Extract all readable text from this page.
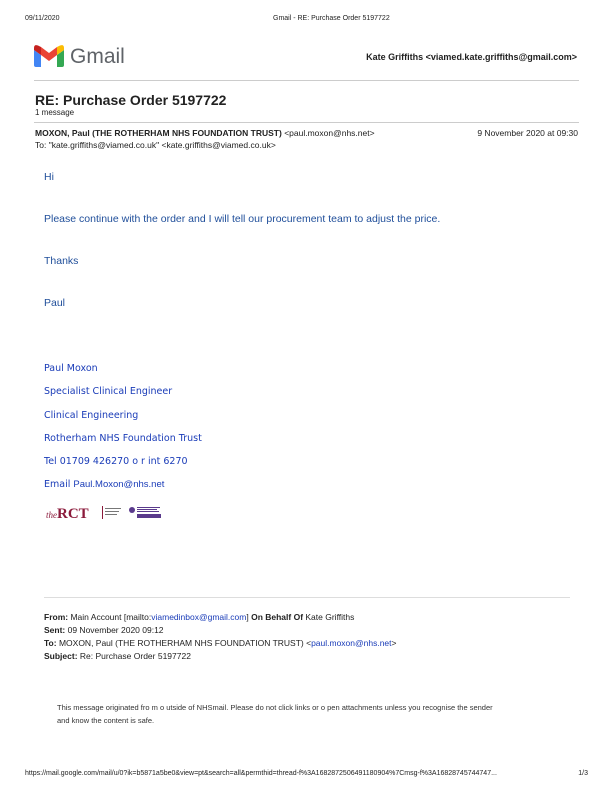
09/11/2020	Gmail - RE: Purchase Order 5197722
Gmail	Kate Griffiths <viamed.kate.griffiths@gmail.com>
RE: Purchase Order 5197722
1 message
MOXON, Paul (THE ROTHERHAM NHS FOUNDATION TRUST) <paul.moxon@nhs.net>	9 November 2020 at 09:30
To: "kate.griffiths@viamed.co.uk" <kate.griffiths@viamed.co.uk>
Hi
Please continue with the order and I will tell our procurement team to adjust the price.
Thanks
Paul
Paul Moxon
Specialist Clinical Engineer
Clinical Engineering
Rotherham NHS Foundation Trust
Tel 01709 426270 o r int 6270
Email Paul.Moxon@nhs.net
theRCT
From: Main Account [mailto:viamedinbox@gmail.com] On Behalf Of Kate Griffiths
Sent: 09 November 2020 09:12
To: MOXON, Paul (THE ROTHERHAM NHS FOUNDATION TRUST) <paul.moxon@nhs.net>
Subject: Re: Purchase Order 5197722
This message originated fro m o utside of NHSmail. Please do not click links or o pen attachments unless you recognise the sender
and know the content is safe.
https://mail.google.com/mail/u/0?ik=b5871a5be0&view=pt&search=all&permthid=thread-f%3A1682872506491180904%7Cmsg-f%3A16828745744747...	1/3
